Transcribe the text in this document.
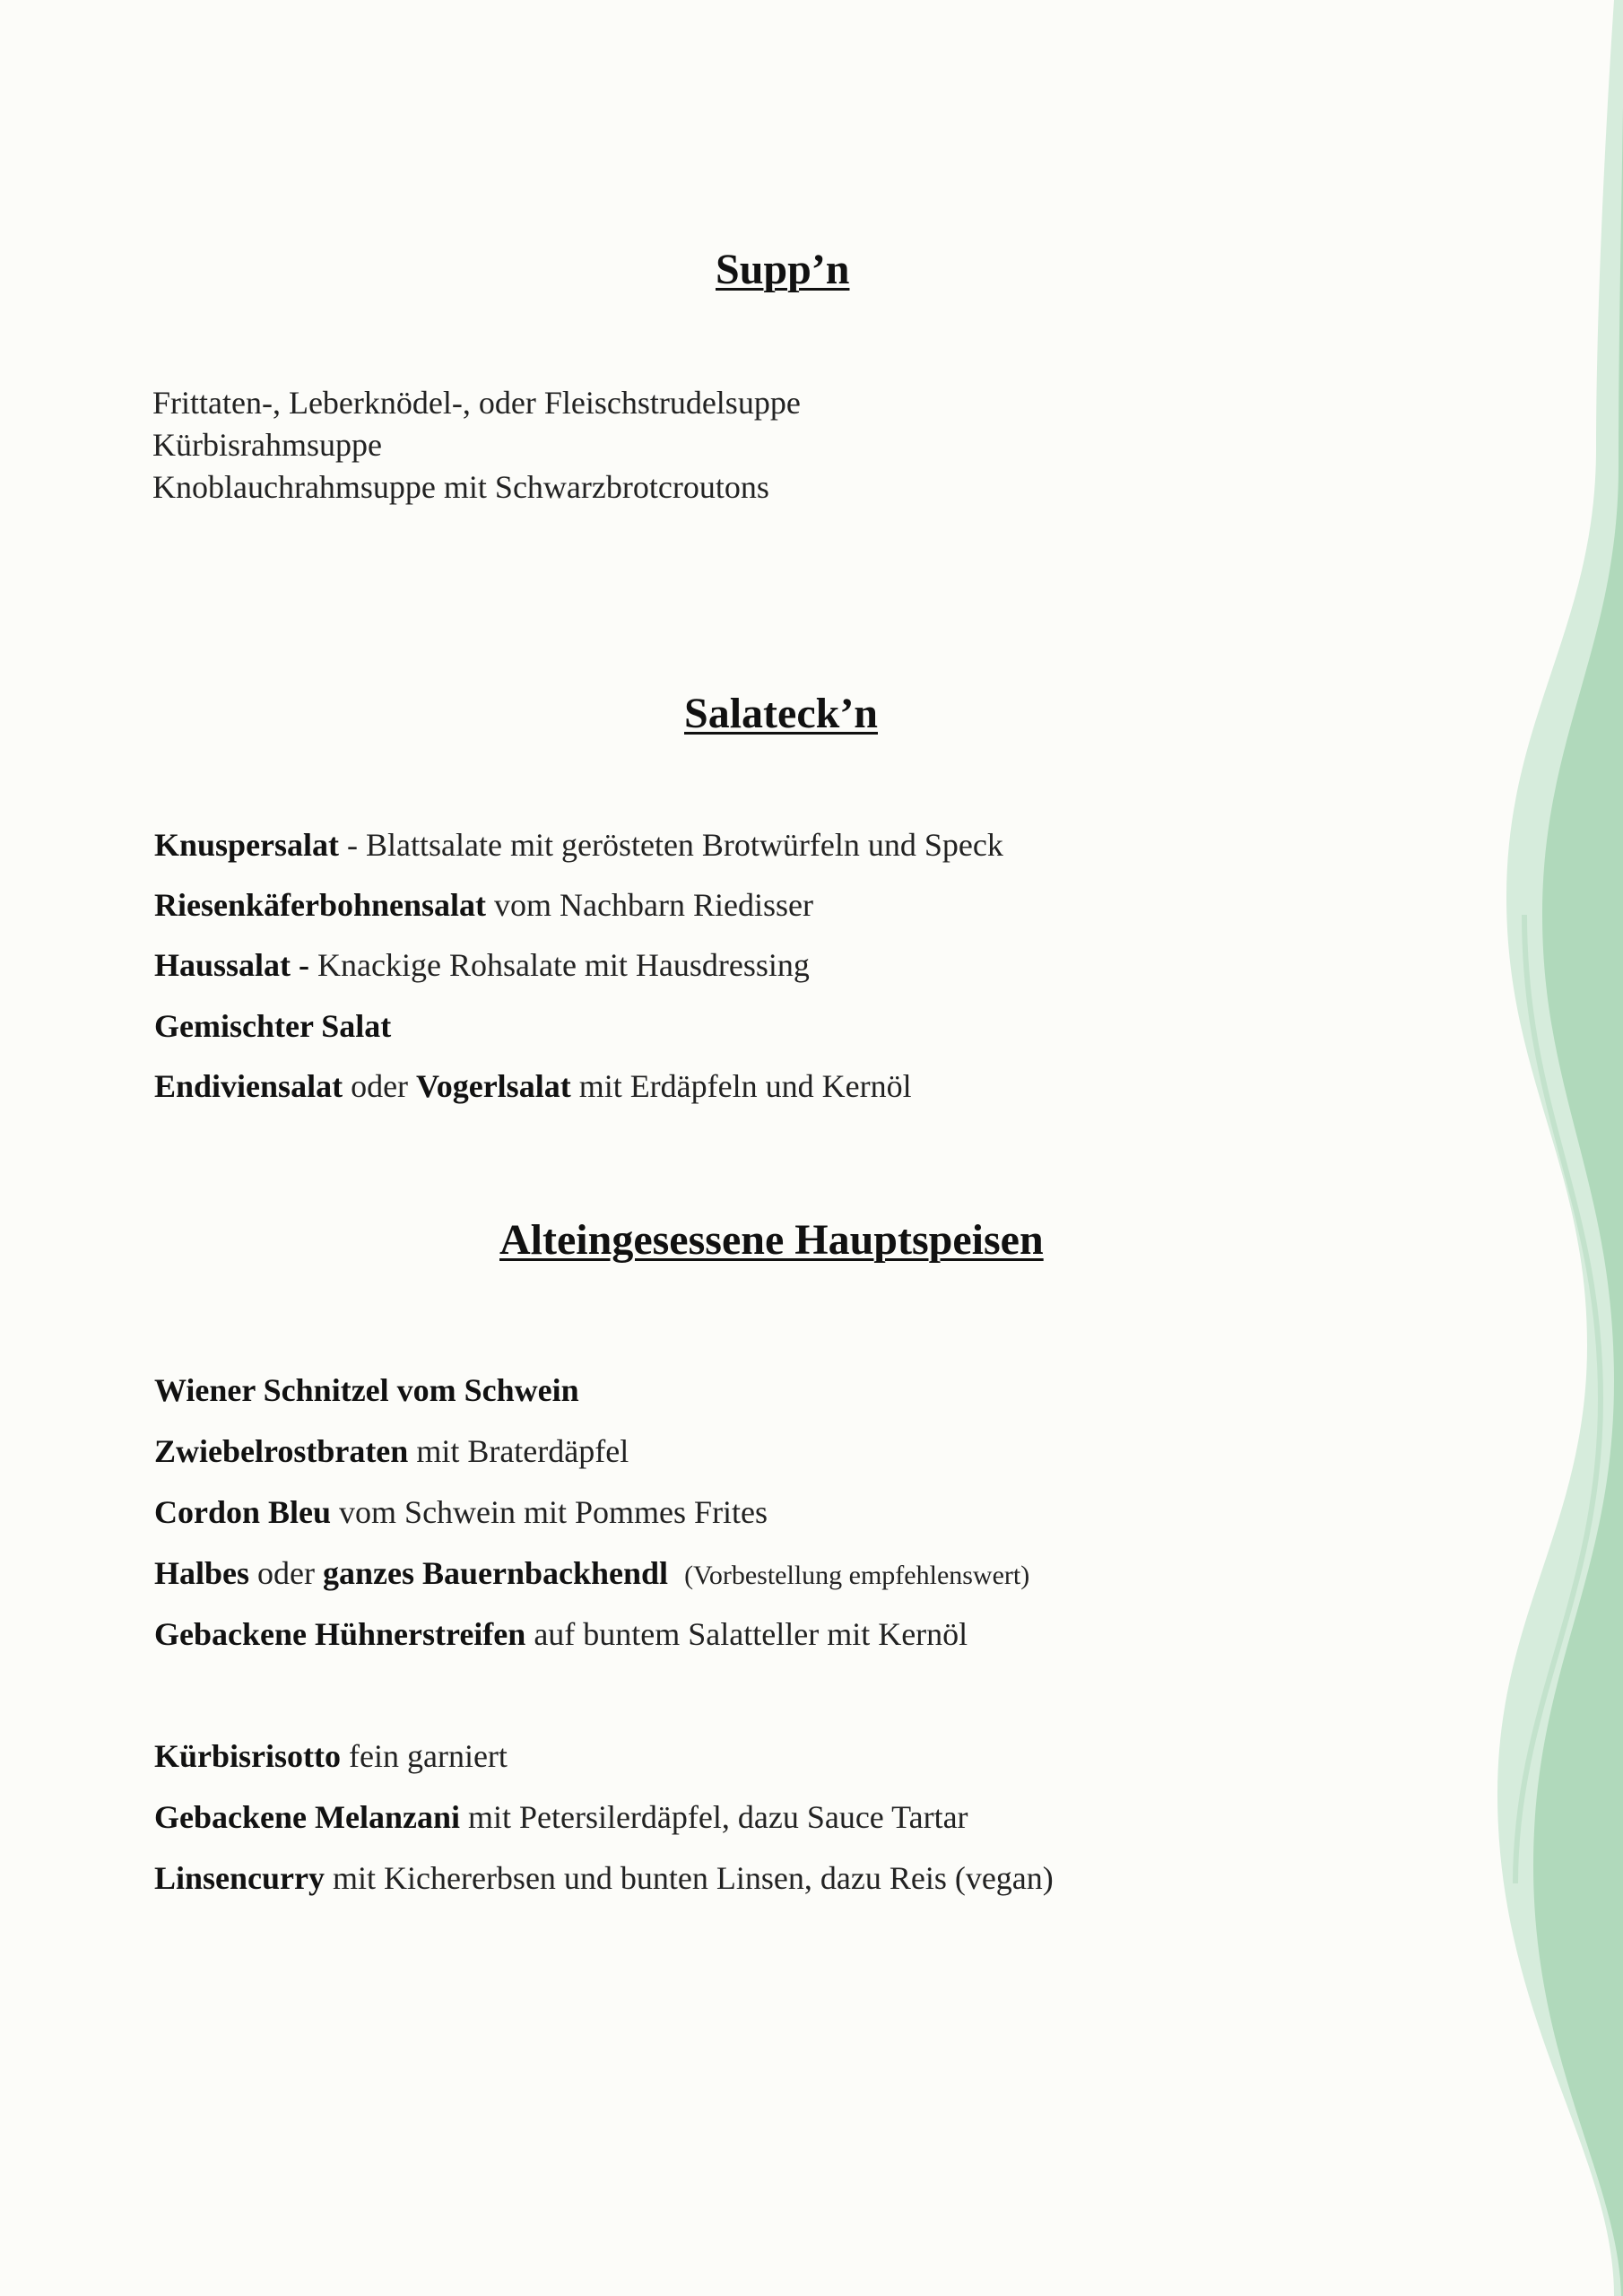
Supp’n
Frittaten-, Leberknödel-, oder Fleischstrudelsuppe
Kürbisrahmsuppe
Knoblauchrahmsuppe mit Schwarzbrotcroutons
Salateck’n
Knuspersalat - Blattsalate mit gerösteten Brotwürfeln und Speck
Riesenkäferbohnensalat vom Nachbarn Riedisser
Haussalat - Knackige Rohsalate mit Hausdressing
Gemischter Salat
Endiviensalat oder Vogerlsalat mit Erdäpfeln und Kernöl
Alteingesessene Hauptspeisen
Wiener Schnitzel vom Schwein
Zwiebelrostbraten mit Braterdäpfel
Cordon Bleu vom Schwein mit Pommes Frites
Halbes oder ganzes Bauernbackhendl (Vorbestellung empfehlenswert)
Gebackene Hühnerstreifen auf buntem Salatteller mit Kernöl
Kürbisrisotto fein garniert
Gebackene Melanzani mit Petersilerdäpfel, dazu Sauce Tartar
Linsencurry mit Kichererbsen und bunten Linsen, dazu Reis (vegan)
